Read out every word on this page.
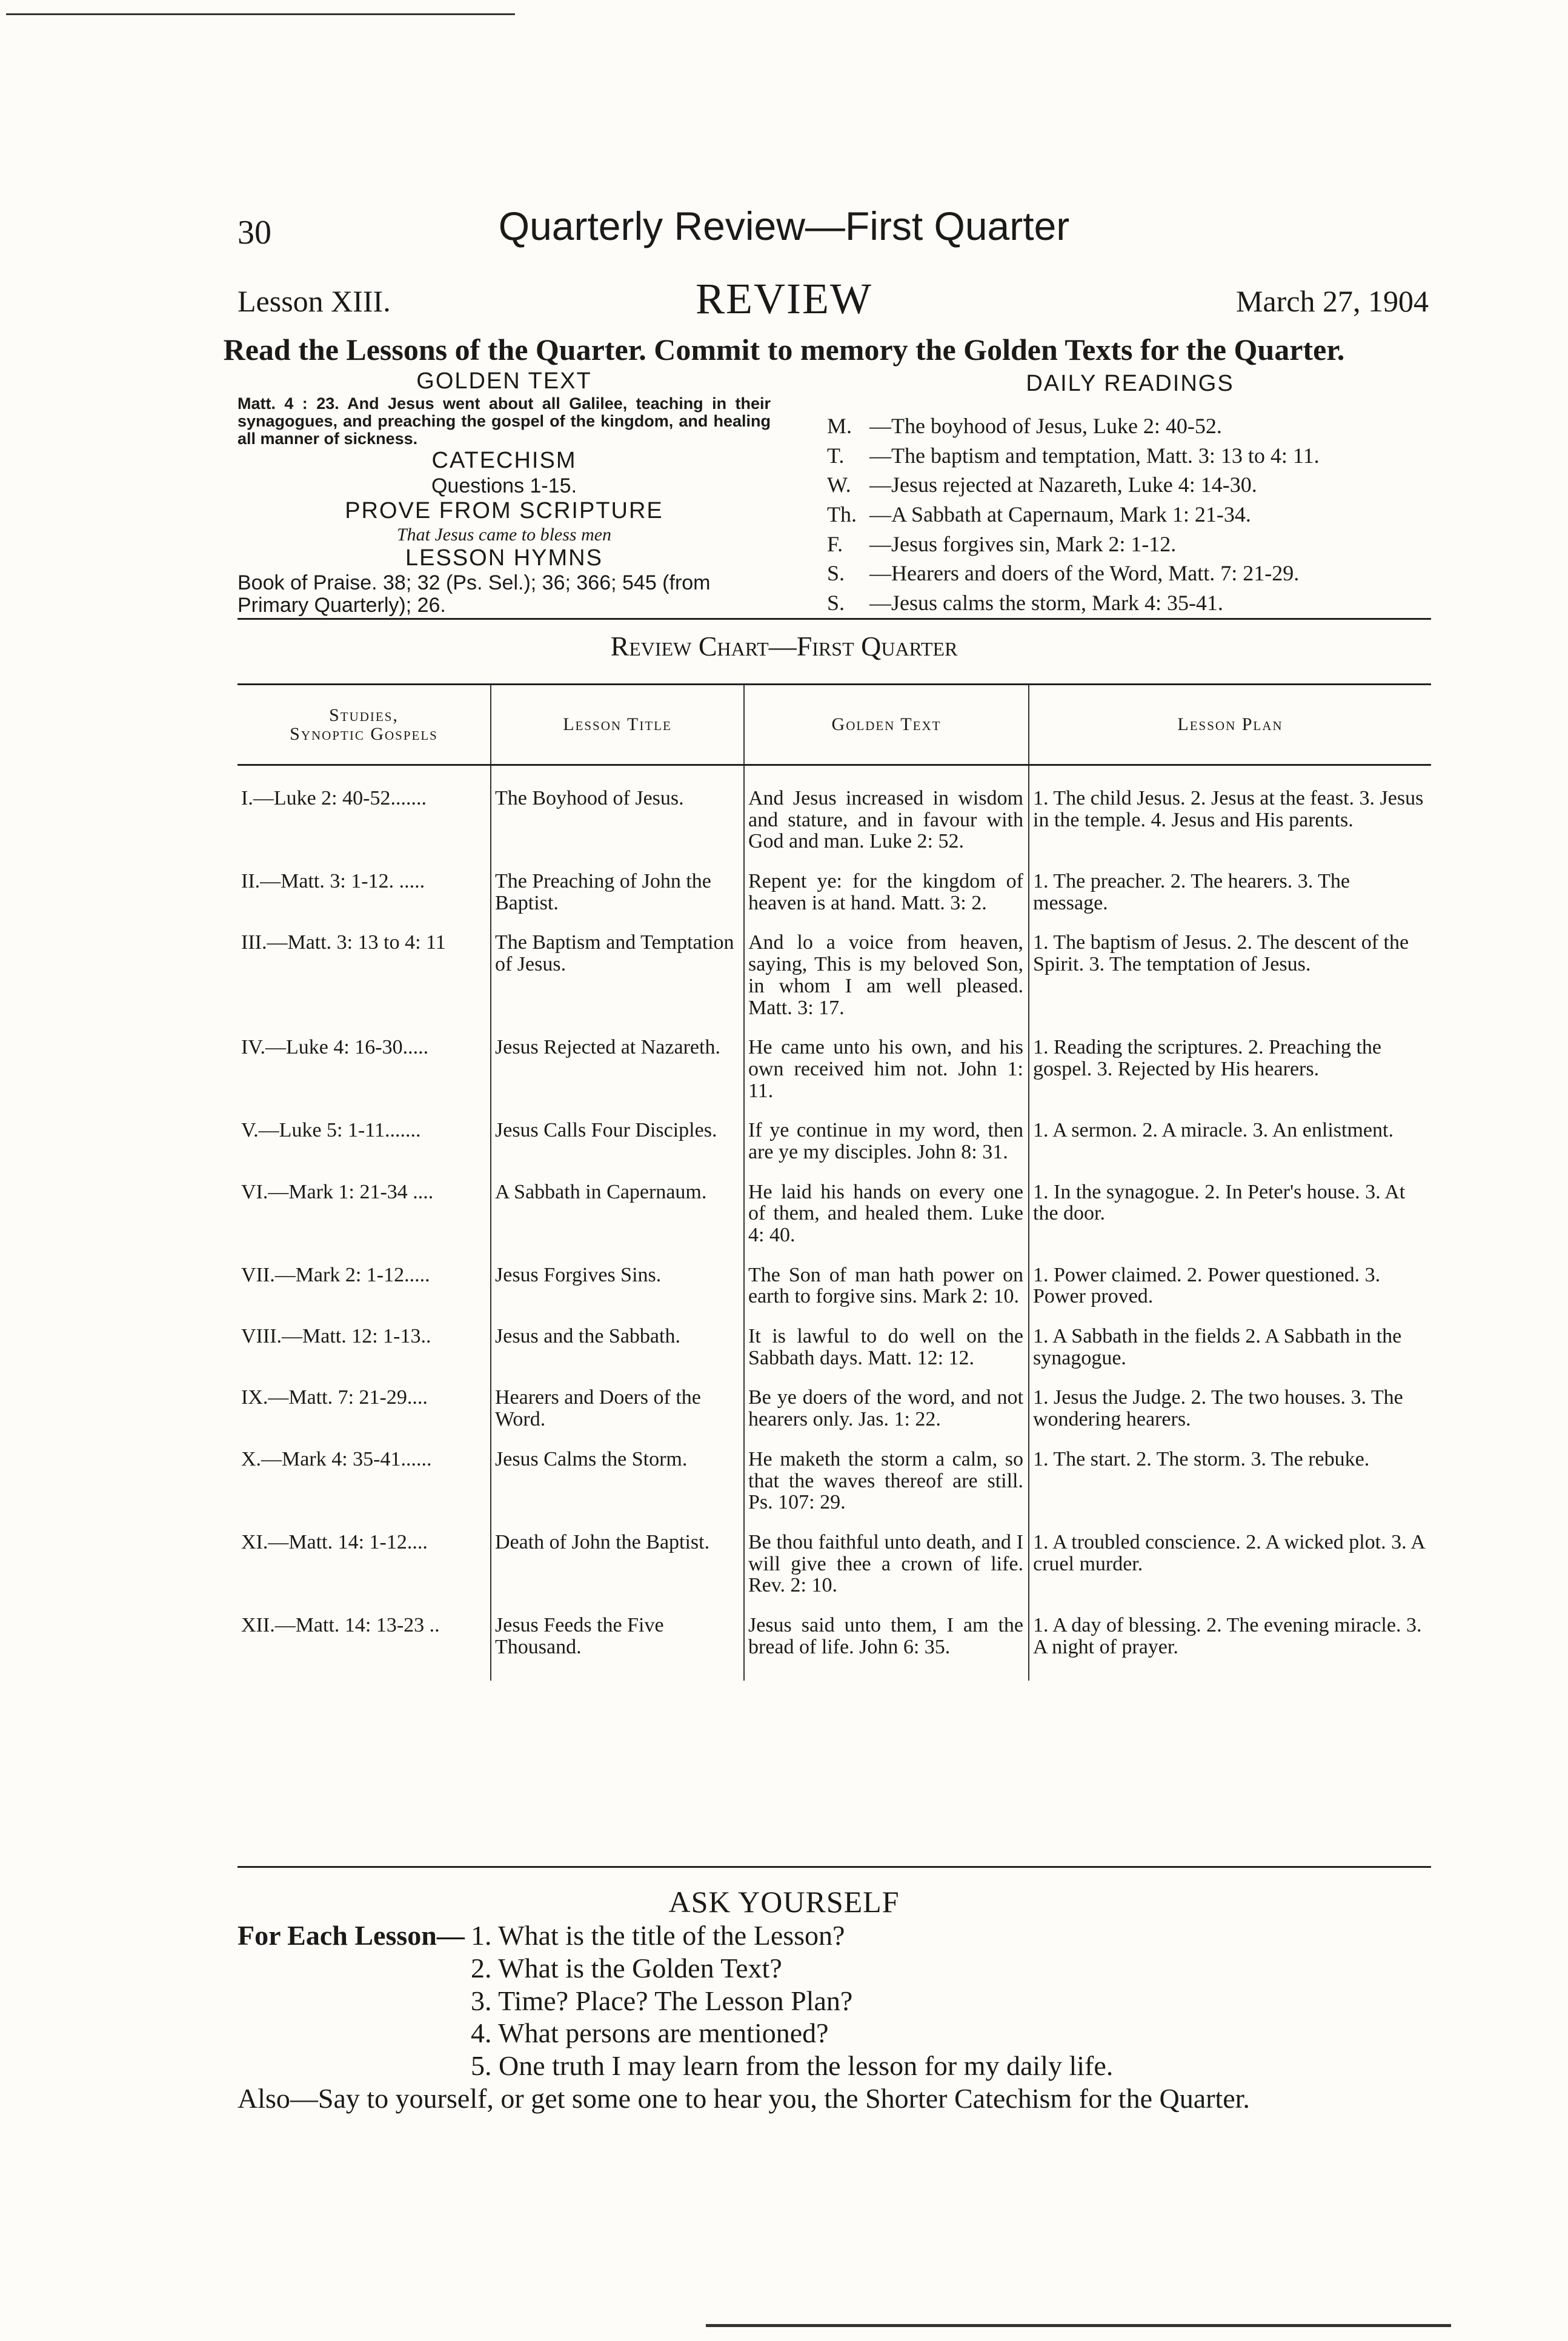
30	Quarterly Review—First Quarter
Lesson XIII.	REVIEW	March 27, 1904
Read the Lessons of the Quarter. Commit to memory the Golden Texts for the Quarter.
GOLDEN TEXT
Matt. 4 : 23. And Jesus went about all Galilee, teaching in their synagogues, and preaching the gospel of the kingdom, and healing all manner of sickness.
CATECHISM
Questions 1-15.
PROVE FROM SCRIPTURE
That Jesus came to bless men
LESSON HYMNS
Book of Praise. 38; 32 (Ps. Sel.); 36; 366; 545 (from Primary Quarterly); 26.
DAILY READINGS
M. —The boyhood of Jesus, Luke 2: 40-52.
T. —The baptism and temptation, Matt. 3: 13 to 4: 11.
W. —Jesus rejected at Nazareth, Luke 4: 14-30.
Th. —A Sabbath at Capernaum, Mark 1: 21-34.
F. —Jesus forgives sin, Mark 2: 1-12.
S. —Hearers and doers of the Word, Matt. 7: 21-29.
S. —Jesus calms the storm, Mark 4: 35-41.
Review Chart—First Quarter
Studies,
Synoptic Gospels	Lesson Title	Golden Text	Lesson Plan
I.—Luke 2: 40-52.......	The Boyhood of Jesus.	And Jesus increased in wisdom and stature, and in favour with God and man. Luke 2: 52.	1. The child Jesus. 2. Jesus at the feast. 3. Jesus in the temple. 4. Jesus and His parents.
II.—Matt. 3: 1-12. .....	The Preaching of John the Baptist.	Repent ye: for the kingdom of heaven is at hand. Matt. 3: 2.	1. The preacher. 2. The hearers. 3. The message.
III.—Matt. 3: 13 to 4: 11	The Baptism and Temptation of Jesus.	And lo a voice from heaven, saying, This is my beloved Son, in whom I am well pleased. Matt. 3: 17.	1. The baptism of Jesus. 2. The descent of the Spirit. 3. The temptation of Jesus.
IV.—Luke 4: 16-30.....	Jesus Rejected at Nazareth.	He came unto his own, and his own received him not. John 1: 11.	1. Reading the scriptures. 2. Preaching the gospel. 3. Rejected by His hearers.
V.—Luke 5: 1-11.......	Jesus Calls Four Disciples.	If ye continue in my word, then are ye my disciples. John 8: 31.	1. A sermon. 2. A miracle. 3. An enlistment.
VI.—Mark 1: 21-34 ....	A Sabbath in Capernaum.	He laid his hands on every one of them, and healed them. Luke 4: 40.	1. In the synagogue. 2. In Peter's house. 3. At the door.
VII.—Mark 2: 1-12.....	Jesus Forgives Sins.	The Son of man hath power on earth to forgive sins. Mark 2: 10.	1. Power claimed. 2. Power questioned. 3. Power proved.
VIII.—Matt. 12: 1-13..	Jesus and the Sabbath.	It is lawful to do well on the Sabbath days. Matt. 12: 12.	1. A Sabbath in the fields 2. A Sabbath in the synagogue.
IX.—Matt. 7: 21-29....	Hearers and Doers of the Word.	Be ye doers of the word, and not hearers only. Jas. 1: 22.	1. Jesus the Judge. 2. The two houses. 3. The wondering hearers.
X.—Mark 4: 35-41......	Jesus Calms the Storm.	He maketh the storm a calm, so that the waves thereof are still. Ps. 107: 29.	1. The start. 2. The storm. 3. The rebuke.
XI.—Matt. 14: 1-12....	Death of John the Baptist.	Be thou faithful unto death, and I will give thee a crown of life. Rev. 2: 10.	1. A troubled conscience. 2. A wicked plot. 3. A cruel murder.
XII.—Matt. 14: 13-23 ..	Jesus Feeds the Five Thousand.	Jesus said unto them, I am the bread of life. John 6: 35.	1. A day of blessing. 2. The evening miracle. 3. A night of prayer.
ASK YOURSELF
For Each Lesson— 1. What is the title of the Lesson?
2. What is the Golden Text?
3. Time? Place? The Lesson Plan?
4. What persons are mentioned?
5. One truth I may learn from the lesson for my daily life.
Also—Say to yourself, or get some one to hear you, the Shorter Catechism for the Quarter.
